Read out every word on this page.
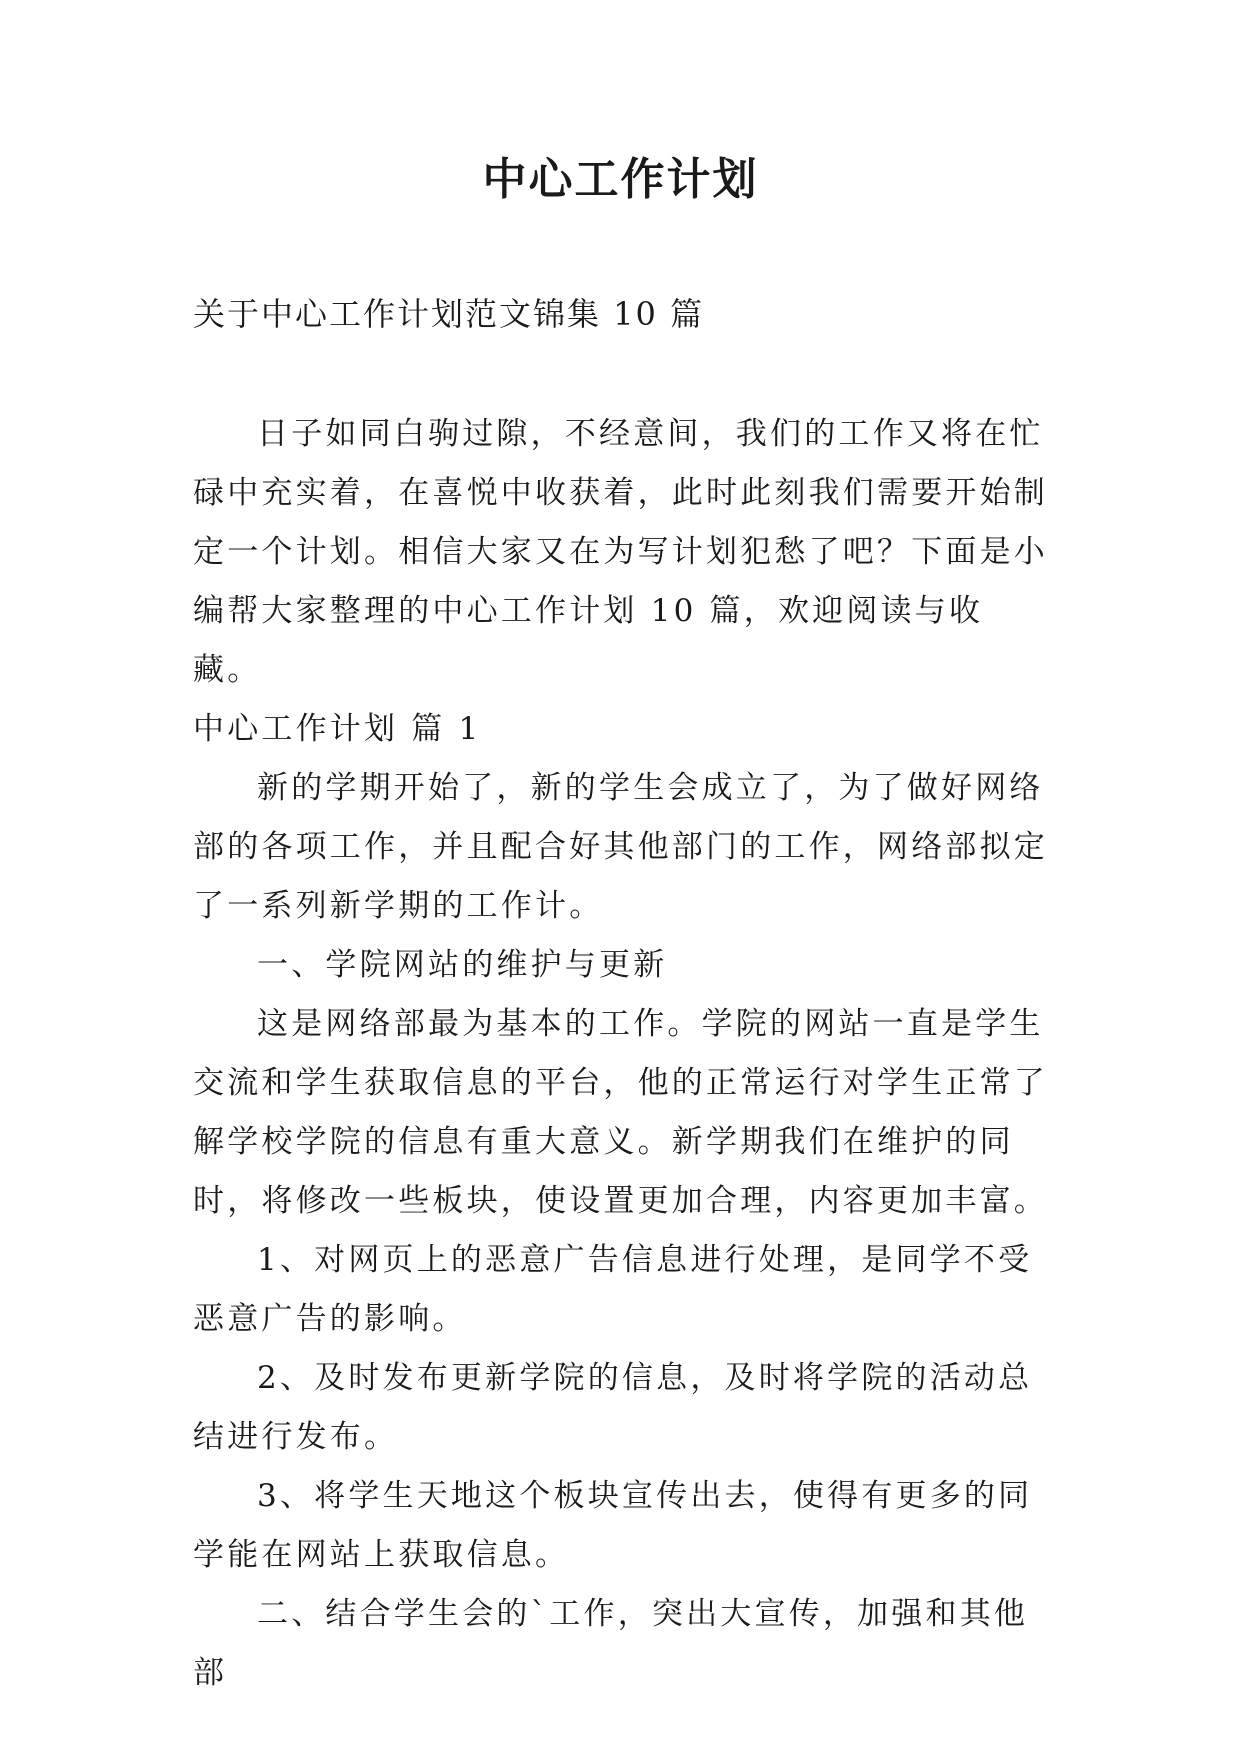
中心工作计划
关于中心工作计划范文锦集 10 篇

日子如同白驹过隙，不经意间，我们的工作又将在忙碌中充实着，在喜悦中收获着，此时此刻我们需要开始制定一个计划。相信大家又在为写计划犯愁了吧？下面是小编帮大家整理的中心工作计划 10 篇，欢迎阅读与收藏。

中心工作计划 篇 1

新的学期开始了，新的学生会成立了，为了做好网络部的各项工作，并且配合好其他部门的工作，网络部拟定了一系列新学期的工作计。

一、学院网站的维护与更新

这是网络部最为基本的工作。学院的网站一直是学生交流和学生获取信息的平台，他的正常运行对学生正常了解学校学院的信息有重大意义。新学期我们在维护的同时，将修改一些板块，使设置更加合理，内容更加丰富。

1、对网页上的恶意广告信息进行处理，是同学不受恶意广告的影响。

2、及时发布更新学院的信息，及时将学院的活动总结进行发布。

3、将学生天地这个板块宣传出去，使得有更多的同学能在网站上获取信息。

二、结合学生会的`工作，突出大宣传，加强和其他部
